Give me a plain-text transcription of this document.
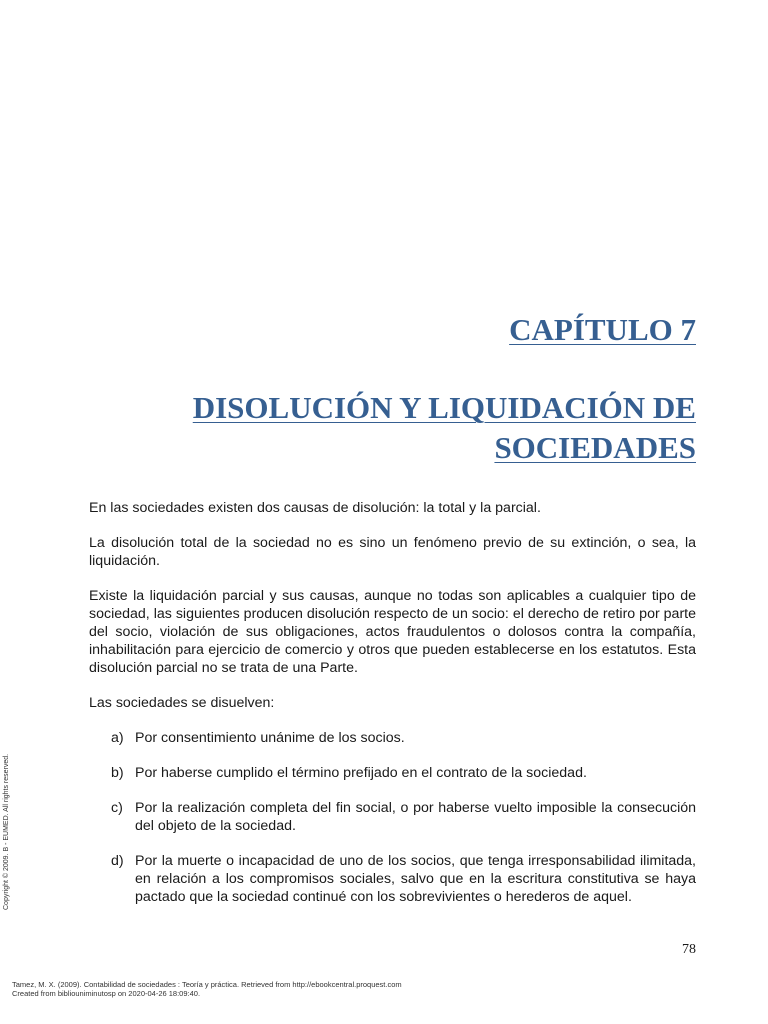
CAPÍTULO 7
DISOLUCIÓN Y LIQUIDACIÓN DE
SOCIEDADES

En las sociedades existen dos causas de disolución: la total y la parcial.

La disolución total de la sociedad no es sino un fenómeno previo de su extinción, o sea, la liquidación.

Existe la liquidación parcial y sus causas, aunque no todas son aplicables a cualquier tipo de sociedad, las siguientes producen disolución respecto de un socio: el derecho de retiro por parte del socio, violación de sus obligaciones, actos fraudulentos o dolosos contra la compañía, inhabilitación para ejercicio de comercio y otros que pueden establecerse en los estatutos. Esta disolución parcial no se trata de una Parte.

Las sociedades se disuelven:

a) Por consentimiento unánime de los socios.
b) Por haberse cumplido el término prefijado en el contrato de la sociedad.
c) Por la realización completa del fin social, o por haberse vuelto imposible la consecución del objeto de la sociedad.
d) Por la muerte o incapacidad de uno de los socios, que tenga irresponsabilidad ilimitada, en relación a los compromisos sociales, salvo que en la escritura constitutiva se haya pactado que la sociedad continué con los sobrevivientes o herederos de aquel.
78
Tamez, M. X. (2009). Contabilidad de sociedades : Teoría y práctica. Retrieved from http://ebookcentral.proquest.com
Created from bibliouniminutosp on 2020-04-26 18:09:40.
Copyright © 2009. B - EUMED. All rights reserved.
